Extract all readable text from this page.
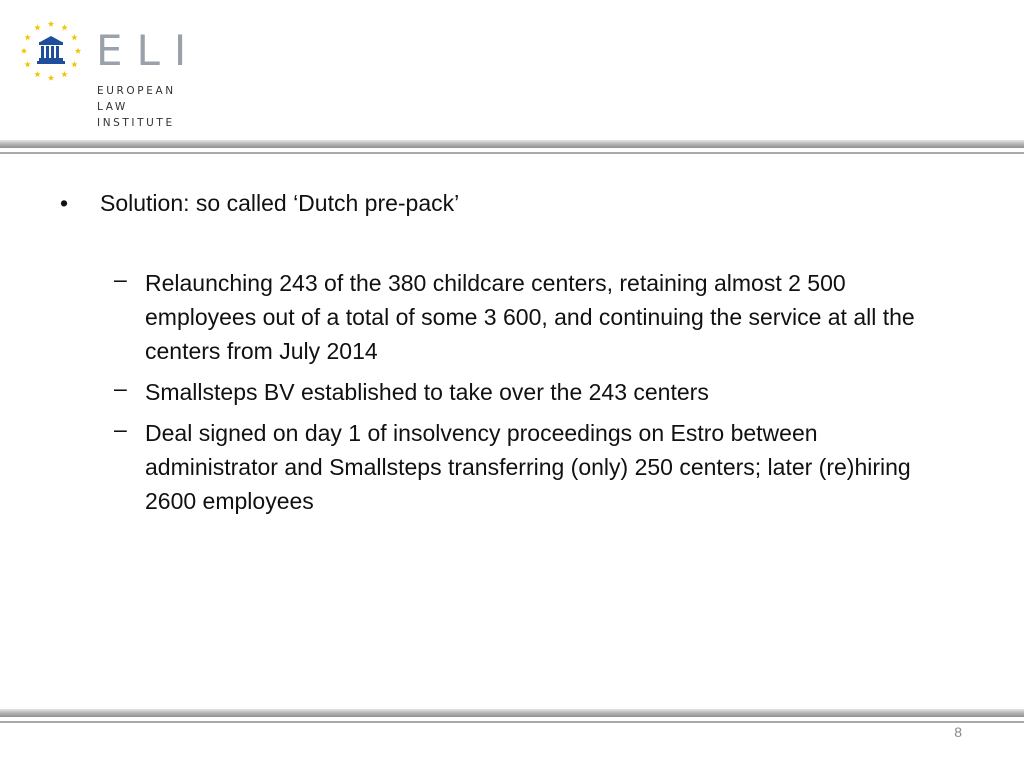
ELI
EUROPEAN
LAW
INSTITUTE
• Solution: so called ‘Dutch pre-pack’
– Relaunching 243 of the 380 childcare centers, retaining almost 2 500 employees out of a total of some 3 600, and continuing the service at all the centers from July 2014
– Smallsteps BV established to take over the 243 centers
– Deal signed on day 1 of insolvency proceedings on Estro between administrator and Smallsteps transferring (only) 250 centers; later (re)hiring 2600 employees
8
